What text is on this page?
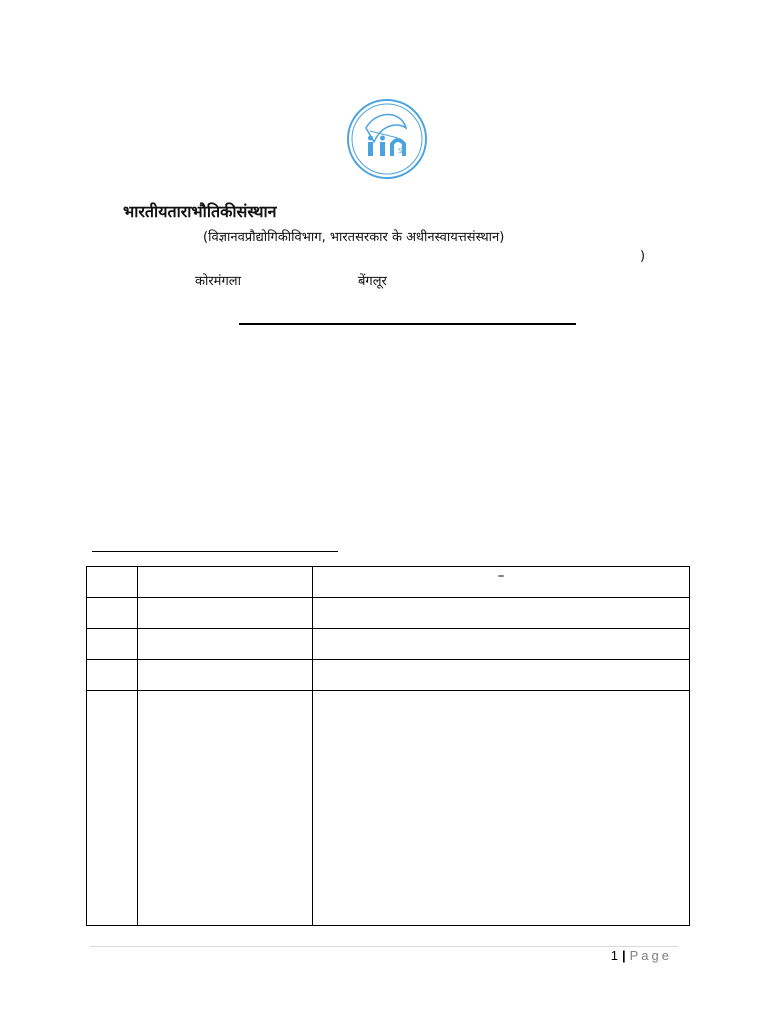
S
भारतीयताराभौतिकीसंस्थान
(विज्ञानवप्रौद्योगिकीविभाग, भारतसरकार के अधीनस्वायत्तसंस्थान)
)
कोरमंगला	बेंगलूर

		–

1 | Page
